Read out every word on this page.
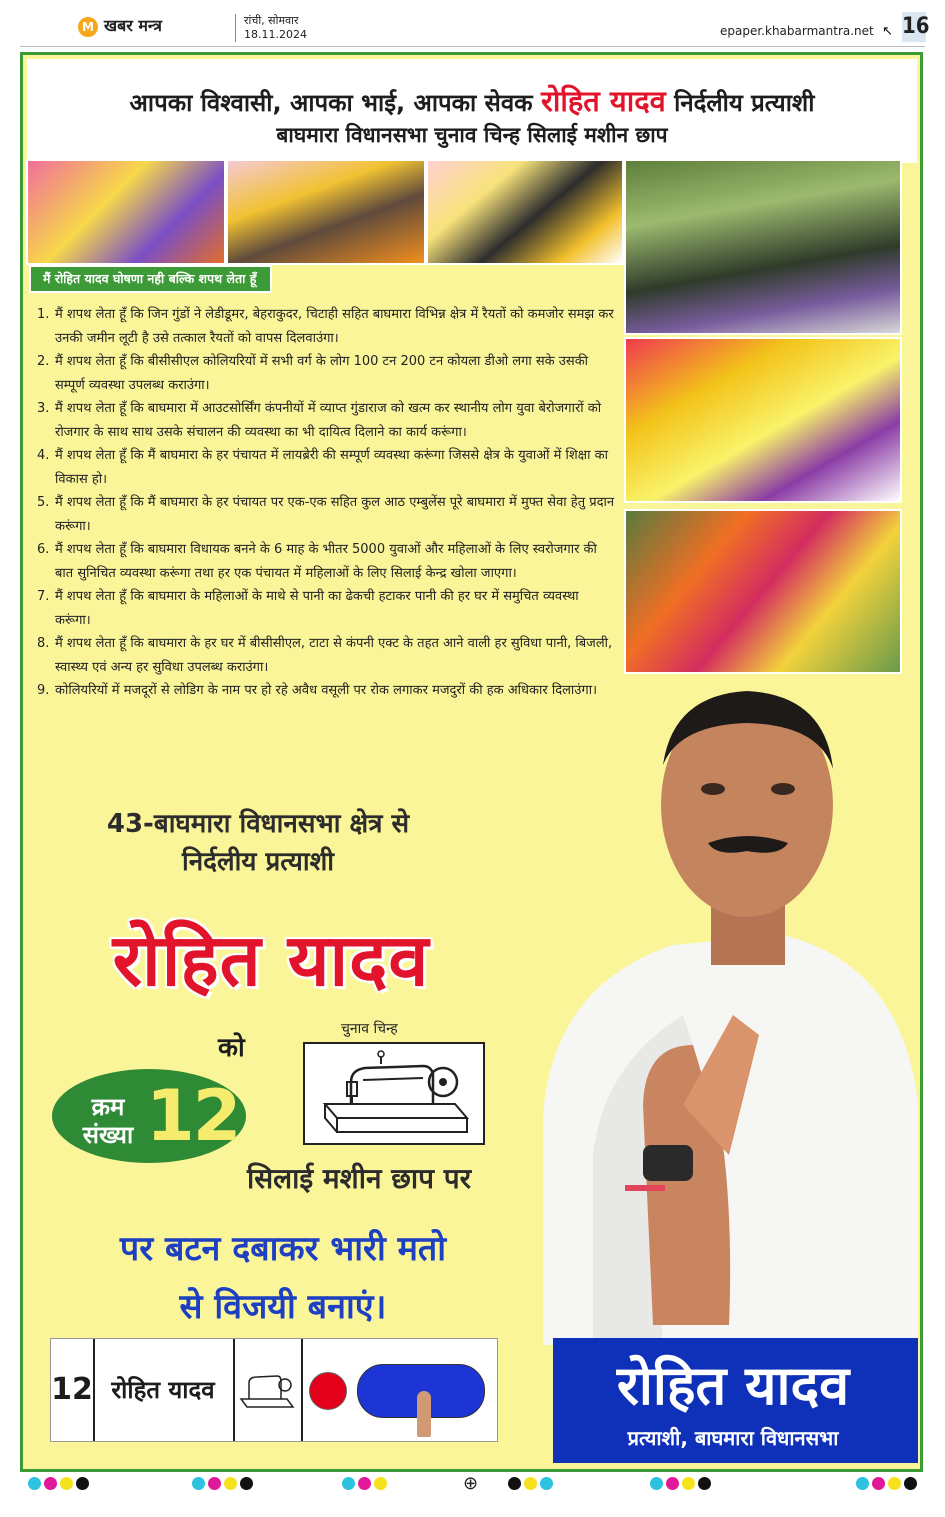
M खबर मन्त्र	रांची, सोमवार
18.11.2024	epaper.khabarmantra.net ↖ 16
आपका विश्वासी, आपका भाई, आपका सेवक रोहित यादव निर्दलीय प्रत्याशी
बाघमारा विधानसभा चुनाव चिन्ह सिलाई मशीन छाप
मैं रोहित यादव घोषणा नही बल्कि शपथ लेता हूँ
1. मैं शपथ लेता हूँ कि जिन गुंडों ने लेडीडूमर, बेहराकुदर, चिटाही सहित बाघमारा विभिन्न क्षेत्र में रैयतों को कमजोर समझ कर उनकी जमीन लूटी है उसे तत्काल रैयतों को वापस दिलवाउंगा।
2. मैं शपथ लेता हूँ कि बीसीसीएल कोलियरियों में सभी वर्ग के लोग 100 टन 200 टन कोयला डीओ लगा सके उसकी सम्पूर्ण व्यवस्था उपलब्ध कराउंगा।
3. मैं शपथ लेता हूँ कि बाघमारा में आउटसोर्सिंग कंपनीयों में व्याप्त गुंडाराज को खत्म कर स्थानीय लोग युवा बेरोजगारों को रोजगार के साथ साथ उसके संचालन की व्यवस्था का भी दायित्व दिलाने का कार्य करूंगा।
4. मैं शपथ लेता हूँ कि मैं बाघमारा के हर पंचायत में लायब्रेरी की सम्पूर्ण व्यवस्था करूंगा जिससे क्षेत्र के युवाओं में शिक्षा का विकास हो।
5. मैं शपथ लेता हूँ कि मैं बाघमारा के हर पंचायत पर एक-एक सहित कुल आठ एम्बुलेंस पूरे बाघमारा में मुफ्त सेवा हेतु प्रदान करूंगा।
6. मैं शपथ लेता हूँ कि बाघमारा विधायक बनने के 6 माह के भीतर 5000 युवाओं और महिलाओं के लिए स्वरोजगार की बात सुनिचित व्यवस्था करूंगा तथा हर एक पंचायत में महिलाओं के लिए सिलाई केन्द्र खोला जाएगा।
7. मैं शपथ लेता हूँ कि बाघमारा के महिलाओं के माथे से पानी का ढेकची हटाकर पानी की हर घर में समुचित व्यवस्था करूंगा।
8. मैं शपथ लेता हूँ कि बाघमारा के हर घर में बीसीसीएल, टाटा से कंपनी एक्ट के तहत आने वाली हर सुविधा पानी, बिजली, स्वास्थ्य एवं अन्य हर सुविधा उपलब्ध कराउंगा।
9. कोलियरियों में मजदूरों से लोडिग के नाम पर हो रहे अवैध वसूली पर रोक लगाकर मजदुरों की हक अधिकार दिलाउंगा।
43-बाघमारा विधानसभा क्षेत्र से
निर्दलीय प्रत्याशी
रोहित यादव
को
चुनाव चिन्ह
क्रम संख्या 12
सिलाई मशीन छाप पर
पर बटन दबाकर भारी मतो
से विजयी बनाएं।
12 रोहित यादव	रोहित यादव
प्रत्याशी, बाघमारा विधानसभा
⊕
